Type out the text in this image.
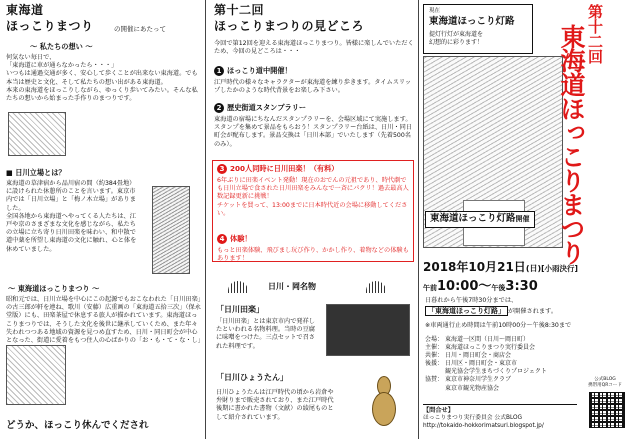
東海道
ほっこりまつり	の開催にあたって
～ 私たちの想い ～
何気ない毎日で、
「東海道に車が通らなかったら・・・」
いつもは通過交通が多く、安心して歩くことが出来ない東海道。でも本当は歴史と文化、そして私たちの想い出がある東海道。
本来の東海道をほっこりしながら、ゆっくり歩いてみたい。そんな私たちの想いから始まった手作りのまつりです。
■ 日川立場とは？
東海道の草津宿から品川宿の間（約384畳地）に設けられた休憩所のことを言います。東京市内では「日川立場」と「梅ノ木立場」がありました。
全国各地から東海道へやってくる人たちは、江戸や京のさまざまな文化を感じながら、私たちの立場に立ち寄り日川田楽を味わい、和中散で道中薬を所望し東海道の文化に触れ、心と体を休めていました。
～ 東海道ほっこりまつり ～
昭和元では、日川立場を中心にこの起源でもおこなわれた「日川田楽」の古三郎が軒を連ね、歌川（安藤）広重画の「東海道五拾三次」（保永堂版）にも、田楽茶屋で休息する旅人が描かれています。東海道ほっこりまつりでは、そうした文化を後世に継承していくため、また年々失われつつある地域の資源を見つめ直すため、日川・同日町会が中心となった、街道に愛着をもつ住人の心ばかりの「お・も・て・な・し」
どうか、ほっこり休んでくだされ
第十二回
ほっこりまつりの見どころ
今回で第12回を迎える東海道ほっこりまつり。皆様に楽しんでいただくため、今回の見どころは・・・
1 ほっこり道中開催！
江戸時代の様々なキャラクターが東海道を練り歩きます。タイムスリップしたかのような時代背景をお楽しみ下さい。
2 歴史街道スタンプラリー
東海道の宿場にちなんだスタンプラリーを、会場区域にて実施します。スタンプを集めて景品をもらおう！スタンプラリー台紙は、日川・同日町会が配布します。景品交換は「日川本部」でいたします（先着500名のみ）。
3 200人同時に日川田楽！（有料）
6年ぶりに田楽イベント発動！現在のおでんの元祖であり、時代劇でも日川立場で食された日川田楽をみんなで一斉にパクリ！過去最高人数記録更新に挑戦！
チケットを買って、13:00までに日本時代近の会場に移動してください。
4 体験！
もっと田楽体験、飛びまし玩び作り、かかし作り、着物などの体験もあります！
日川・岡名物
「日川田楽」
「日川田楽」とは東京市内で発祥したといわれる名物料理。当時の豆腐に味噌をつけた。三点セットで召された料理です。
「日川ひょうたん」
日川ひょうたんは江戸時代の頃から岩倉や弁財りまで販売されており、また江戸時代後期に書かれた書物（文献）の綾尾ものとして紹介されています。
現在
東海道ほっこり灯路
提灯行灯が東海道を
幻想的に彩ります！	第十二回
東海道ほっこりまつり
東海道ほっこり灯路開催
2018年10月21日(日)[小雨決行]
午前10:00～午後3:30
日暮れから午後7時30分までは、
「東海道ほっこり灯路」 が開催されます。
※車両通行止め時間は午前10時00分～午後8:30まで
会場：	東海道一区間（日川～岡日町）
主催：	東海道ほっこりまつり実行委員会
共催：	日川・岡日町会・商店会
後援：	日川区・岡日町会・東京市
観光協会学生まちづくりプロジェクト
協賛：	東京市神奈川学生クラブ
東京市観光物産協会
【問合せ】
ほっこりまつり実行委員会 公式BLOG
http://tokaido-hokkorimatsuri.blogspot.jp/
公式BLOG
携帯用QRコード
